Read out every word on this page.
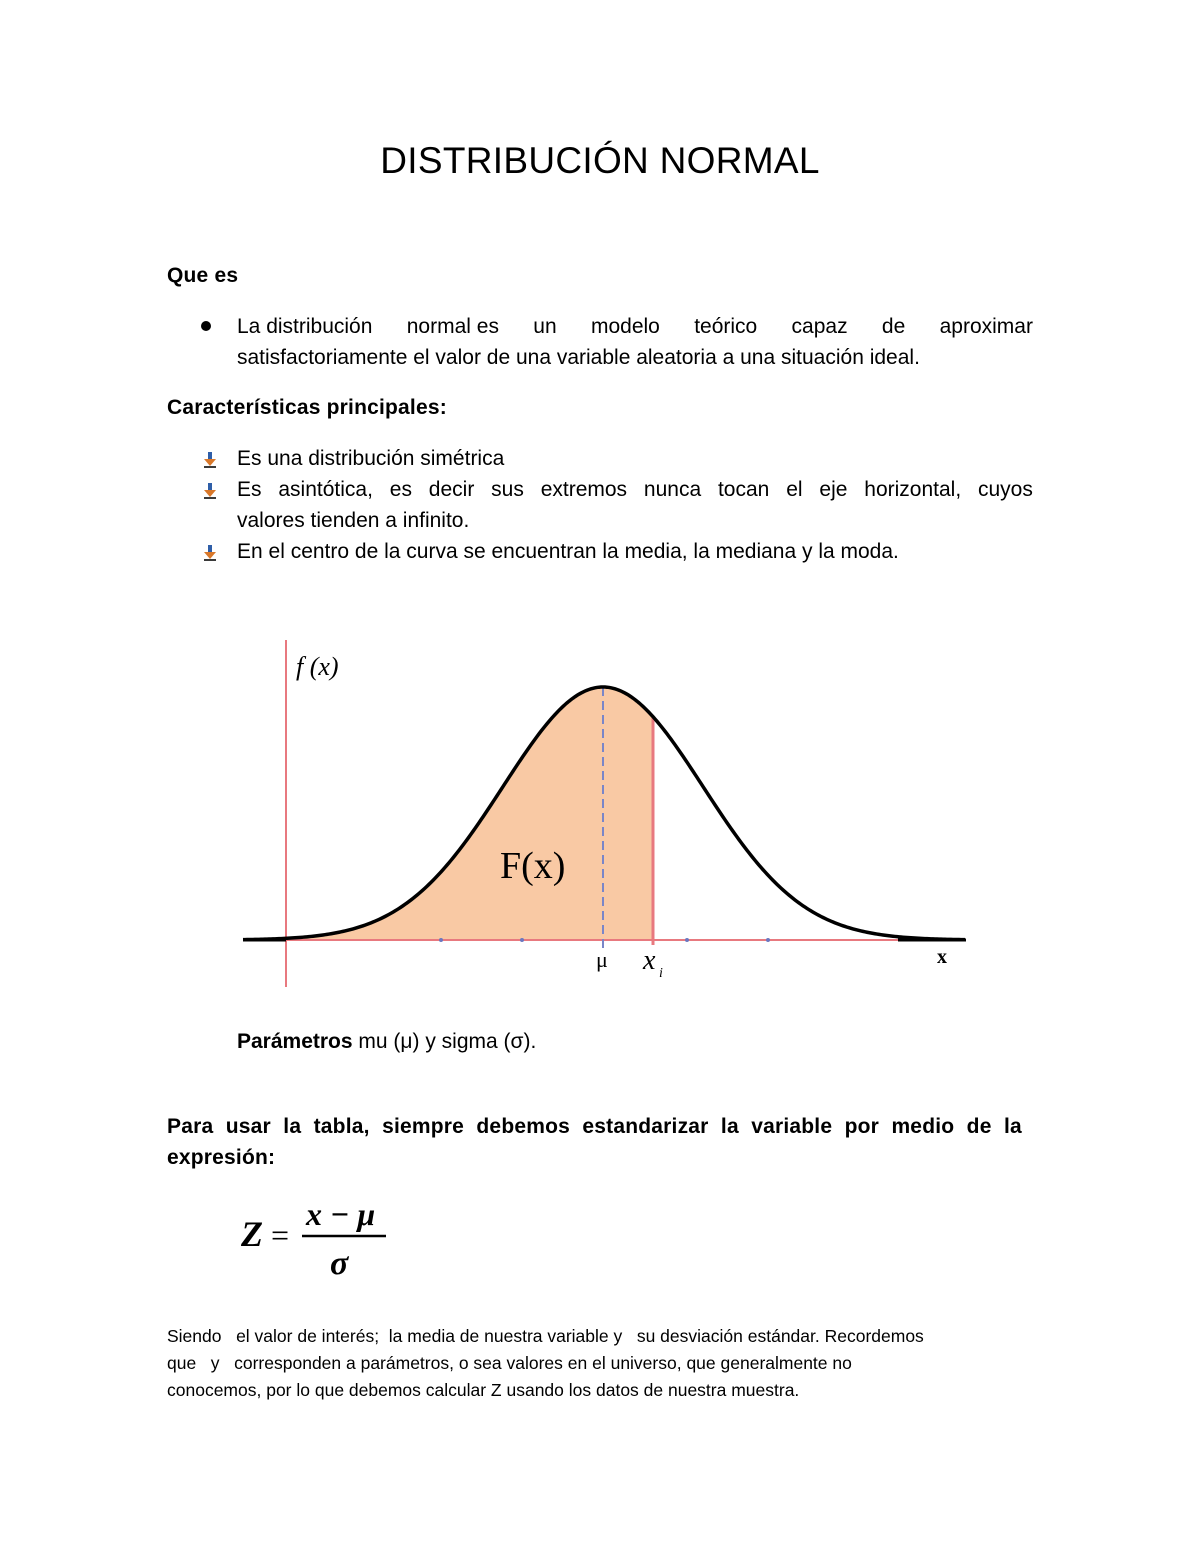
DISTRIBUCIÓN NORMAL
Que es
La distribución normal es un modelo teórico capaz de aproximar
satisfactoriamente el valor de una variable aleatoria a una situación ideal.
Características principales:
Es una distribución simétrica
Es asintótica, es decir sus extremos nunca tocan el eje horizontal, cuyos
valores tienden a infinito.
En el centro de la curva se encuentran la media, la mediana y la moda.
f (x)
F(x)
μ x i
x
Parámetros mu (μ) y sigma (σ).
Para usar la tabla, siempre debemos estandarizar la variable por medio de la
expresión:
Z =
x − μ
σ
Siendo   el valor de interés;  la media de nuestra variable y   su desviación estándar. Recordemos
que   y   corresponden a parámetros, o sea valores en el universo, que generalmente no
conocemos, por lo que debemos calcular Z usando los datos de nuestra muestra.
